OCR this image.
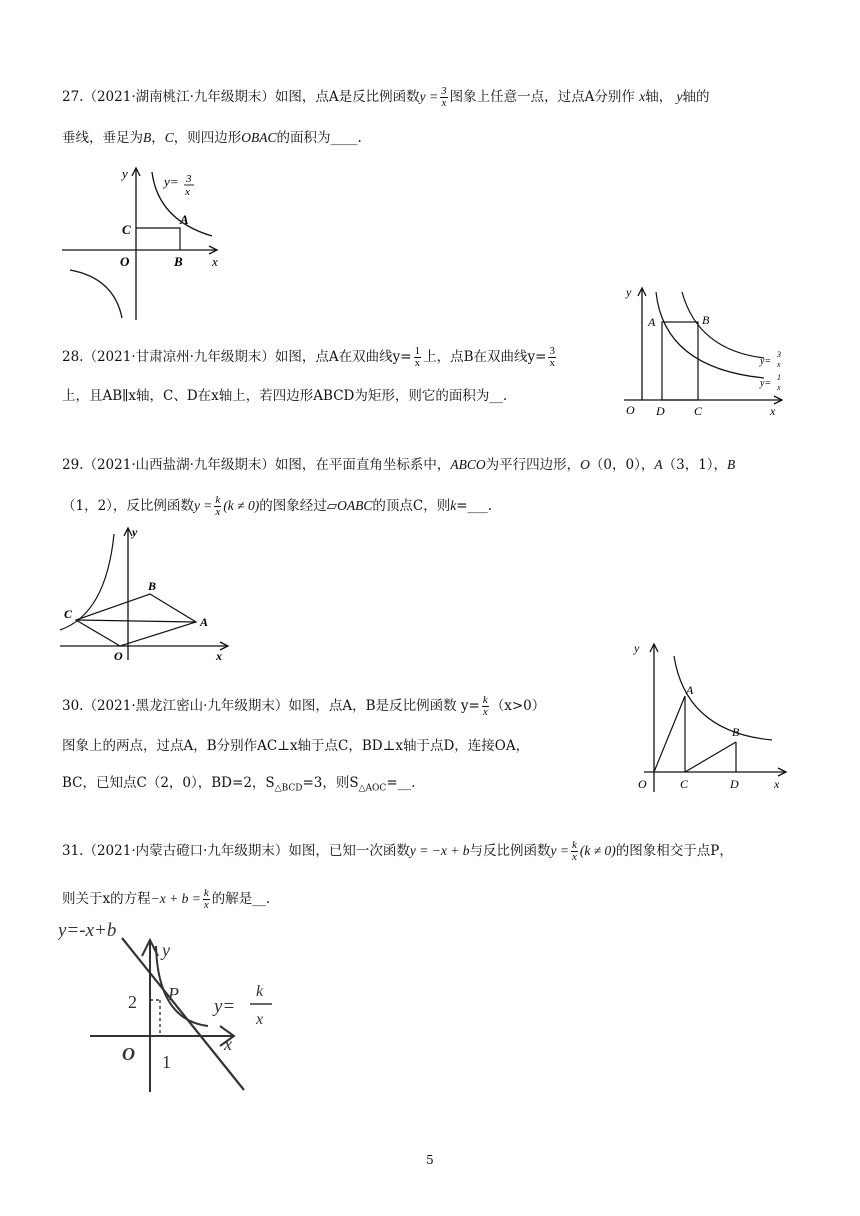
27.（2021·湖南桃江·九年级期末）如图，点A是反比例函数$y = \frac{3}{x}$ 图象上任意一点，过点A分别作 x轴， y轴的
垂线，垂足为B，C，则四边形OBAC的面积为____.
y
x
O
C
B
A
y= 3
x
28.（2021·甘肃凉州·九年级期末）如图，点A在双曲线$y= \frac{1}{x}$ 上，点B在双曲线$y= \frac{3}{x}$
上，且AB∥x轴，C、D在x轴上，若四边形ABCD为矩形，则它的面积为__.
y
x
O
A	B
D C
y=
3
x
y=
1
x
29.（2021·山西盐湖·九年级期末）如图，在平面直角坐标系中，ABCO为平行四边形，O（0，0），A（3，1），B
（1，2），反比例函数$y = \frac{k}{x} (k \ne 0)$的图象经过▱OABC的顶点C，则k=___.
y
x
O
C
B
A
30.（2021·黑龙江密山·九年级期末）如图，点A，B是反比例函数 $y= \frac{k}{x} (x>0)$
图象上的两点，过点A，B分别作AC⊥x轴于点C，BD⊥x轴于点D，连接OA，
BC，已知点C（2，0），BD=2，$S_{\triangle BCD}=3$，则$S_{\triangle AOC}=\_\_$.
y
x
O
A
B
C	D
31.（2021·内蒙古磴口·九年级期末）如图，已知一次函数y = −x + b与反比例函数$y = \frac{k}{x} (k \ne 0)$的图象相交于点P，
则关于x的方程$-x + b = \frac{k}{x}$ 的解是__.
y=-x+b
y
x
O 1
2 P
y=
k
x
5
